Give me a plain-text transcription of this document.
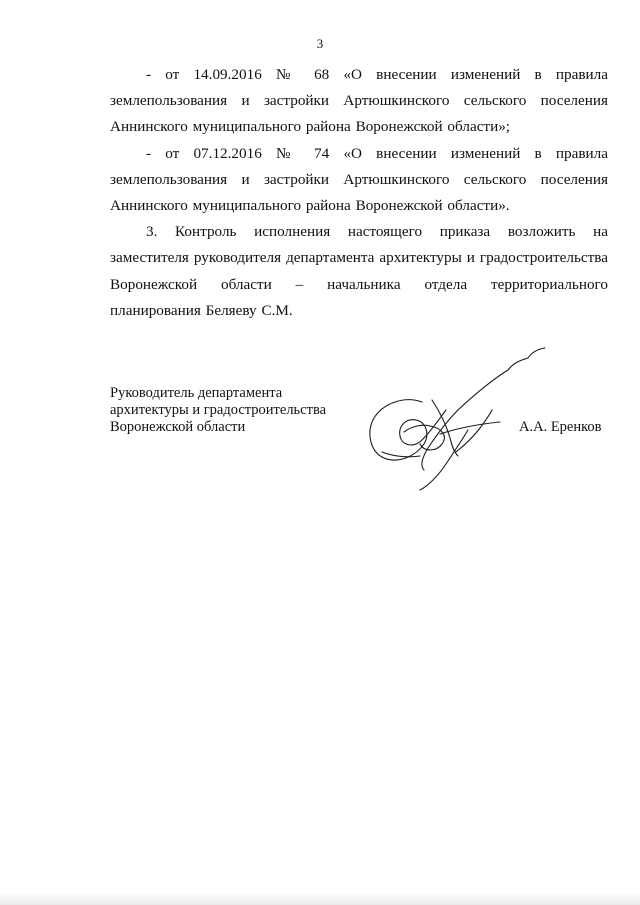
3

- от 14.09.2016 № 68 «О внесении изменений в правила землепользования и застройки Артюшкинского сельского поселения Аннинского муниципального района Воронежской области»;

- от 07.12.2016 № 74 «О внесении изменений в правила землепользования и застройки Артюшкинского сельского поселения Аннинского муниципального района Воронежской области».

3. Контроль исполнения настоящего приказа возложить на заместителя руководителя департамента архитектуры и градостроительства Воронежской области – начальника отдела территориального планирования Беляеву С.М.

Руководитель департамента
архитектуры и градостроительства
Воронежской области	А.А. Еренков
